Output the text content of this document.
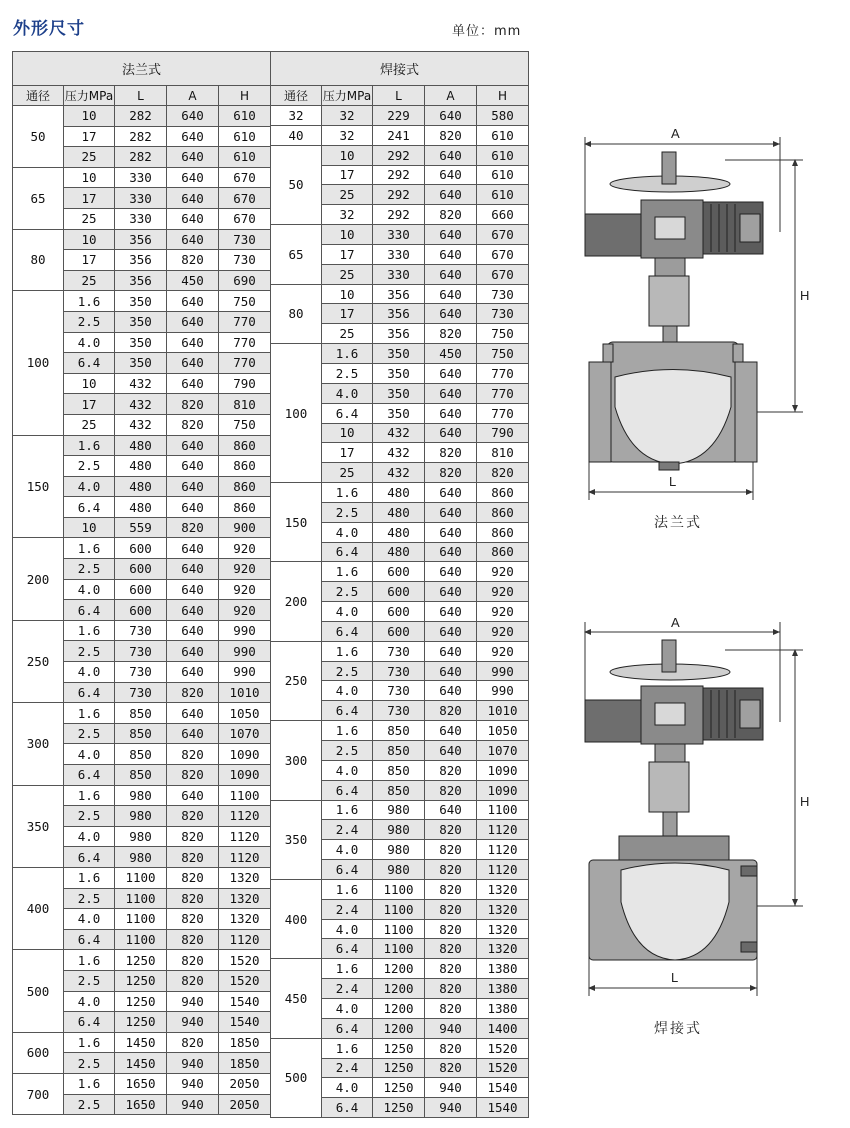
外形尺寸	单位：mm
法兰式				
通径	压力MPa	L	A	H
50	10	282	640	610
	17	282	640	610
	25	282	640	610
65	10	330	640	670
	17	330	640	670
	25	330	640	670
80	10	356	640	730
	17	356	820	730
	25	356	450	690
100	1.6	350	640	750
	2.5	350	640	770
	4.0	350	640	770
	6.4	350	640	770
	10	432	640	790
	17	432	820	810
	25	432	820	750
150	1.6	480	640	860
	2.5	480	640	860
	4.0	480	640	860
	6.4	480	640	860
	10	559	820	900
200	1.6	600	640	920
	2.5	600	640	920
	4.0	600	640	920
	6.4	600	640	920
250	1.6	730	640	990
	2.5	730	640	990
	4.0	730	640	990
	6.4	730	820	1010
300	1.6	850	640	1050
	2.5	850	640	1070
	4.0	850	820	1090
	6.4	850	820	1090
350	1.6	980	640	1100
	2.5	980	820	1120
	4.0	980	820	1120
	6.4	980	820	1120
400	1.6	1100	820	1320
	2.5	1100	820	1320
	4.0	1100	820	1320
	6.4	1100	820	1120
500	1.6	1250	820	1520
	2.5	1250	820	1520
	4.0	1250	940	1540
	6.4	1250	940	1540
600	1.6	1450	820	1850
	2.5	1450	940	1850
700	1.6	1650	940	2050
	2.5	1650	940	2050
焊接式				
通径	压力MPa	L	A	H
32	32	229	640	580
40	32	241	820	610
50	10	292	640	610
	17	292	640	610
	25	292	640	610
	32	292	820	660
65	10	330	640	670
	17	330	640	670
	25	330	640	670
80	10	356	640	730
	17	356	640	730
	25	356	820	750
100	1.6	350	450	750
	2.5	350	640	770
	4.0	350	640	770
	6.4	350	640	770
	10	432	640	790
	17	432	820	810
	25	432	820	820
150	1.6	480	640	860
	2.5	480	640	860
	4.0	480	640	860
	6.4	480	640	860
200	1.6	600	640	920
	2.5	600	640	920
	4.0	600	640	920
	6.4	600	640	920
250	1.6	730	640	920
	2.5	730	640	990
	4.0	730	640	990
	6.4	730	820	1010
300	1.6	850	640	1050
	2.5	850	640	1070
	4.0	850	820	1090
	6.4	850	820	1090
350	1.6	980	640	1100
	2.4	980	820	1120
	4.0	980	820	1120
	6.4	980	820	1120
400	1.6	1100	820	1320
	2.4	1100	820	1320
	4.0	1100	820	1320
	6.4	1100	820	1320
450	1.6	1200	820	1380
	2.4	1200	820	1380
	4.0	1200	820	1380
	6.4	1200	940	1400
500	1.6	1250	820	1520
	2.4	1250	820	1520
	4.0	1250	940	1540
	6.4	1250	940	1540
A
H
L
法兰式
A
H
L
焊接式
